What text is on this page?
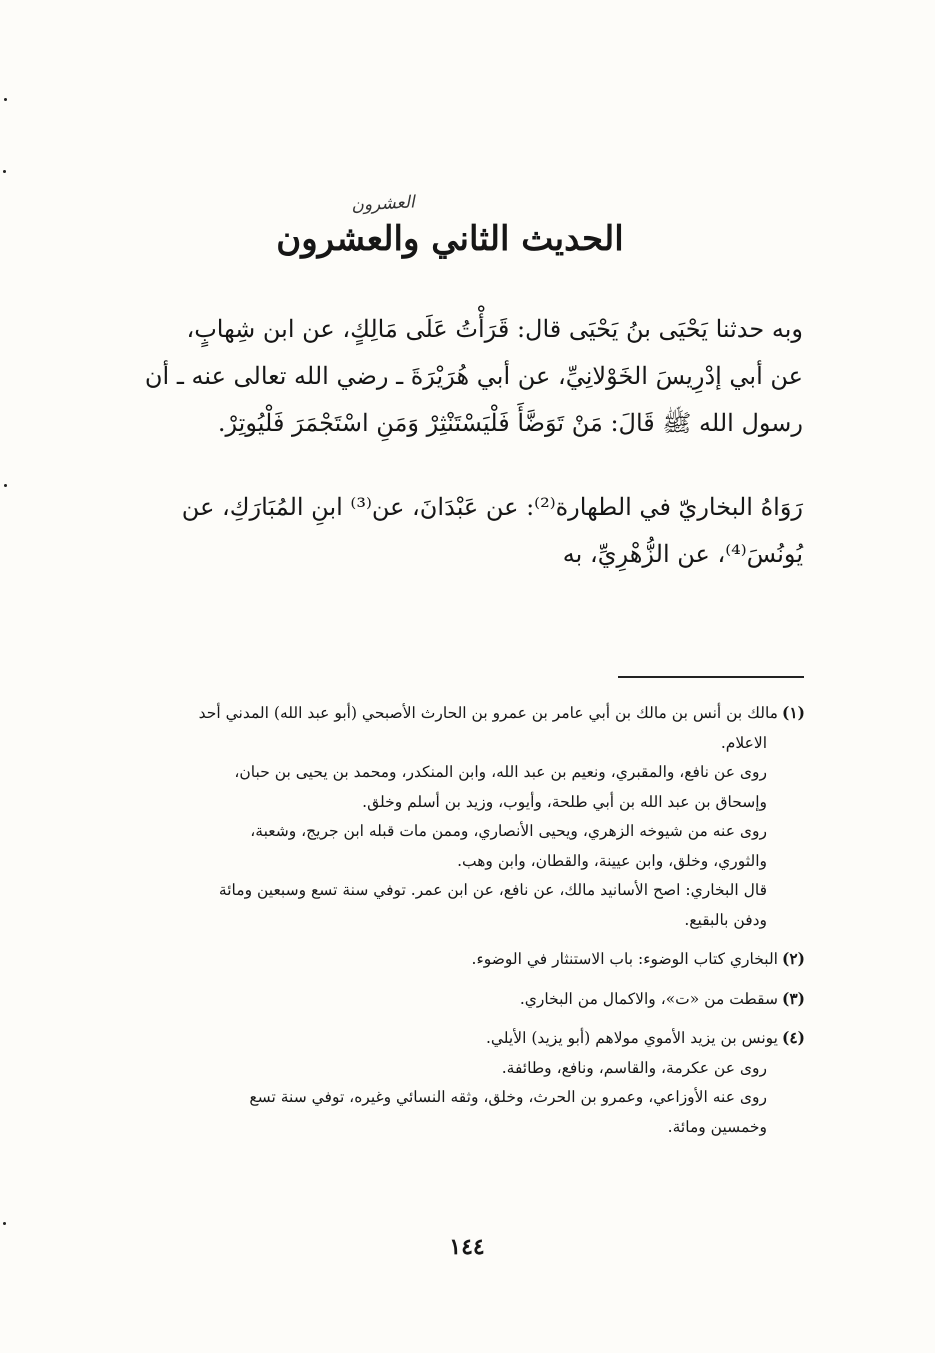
العشرون
الحديث الثاني والعشرون
وبه حدثنا يَحْيَى بنُ يَحْيَى قال: قَرَأْتُ عَلَى مَالِكٍ، عن ابن شِهابٍ،
عن أبي إدْرِيسَ الخَوْلانِيِّ، عن أبي هُرَيْرَةَ ـ رضي الله تعالى عنه ـ أن
رسول الله ﷺ قَالَ: مَنْ تَوَضَّأَ فَلْيَسْتَنْثِرْ وَمَنِ اسْتَجْمَرَ فَلْيُوتِرْ.
رَوَاهُ البخاريّ في الطهارة⁽²⁾: عن عَبْدَانَ، عن⁽³⁾ ابنِ المُبَارَكِ، عن
يُونُسَ⁽⁴⁾، عن الزُّهْرِيِّ، به
(١)مالك بن أنس بن مالك بن أبي عامر بن عمرو بن الحارث الأصبحي (أبو عبد الله) المدني أحد
الاعلام.
روى عن نافع، والمقبري، ونعيم بن عبد الله، وابن المنكدر، ومحمد بن يحيى بن حبان،
وإسحاق بن عبد الله بن أبي طلحة، وأيوب، وزيد بن أسلم وخلق.
روى عنه من شيوخه الزهري، ويحيى الأنصاري، وممن مات قبله ابن جريج، وشعبة،
والثوري، وخلق، وابن عيينة، والقطان، وابن وهب.
قال البخاري: اصح الأسانيد مالك، عن نافع، عن ابن عمر. توفي سنة تسع وسبعين ومائة
ودفن بالبقيع.
(٢)البخاري كتاب الوضوء: باب الاستنثار في الوضوء.
(٣)سقطت من «ت»، والاكمال من البخاري.
(٤)يونس بن يزيد الأموي مولاهم (أبو يزيد) الأيلي.
روى عن عكرمة، والقاسم، ونافع، وطائفة.
روى عنه الأوزاعي، وعمرو بن الحرث، وخلق، وثقه النسائي وغيره، توفي سنة تسع
وخمسين ومائة.
١٤٤
